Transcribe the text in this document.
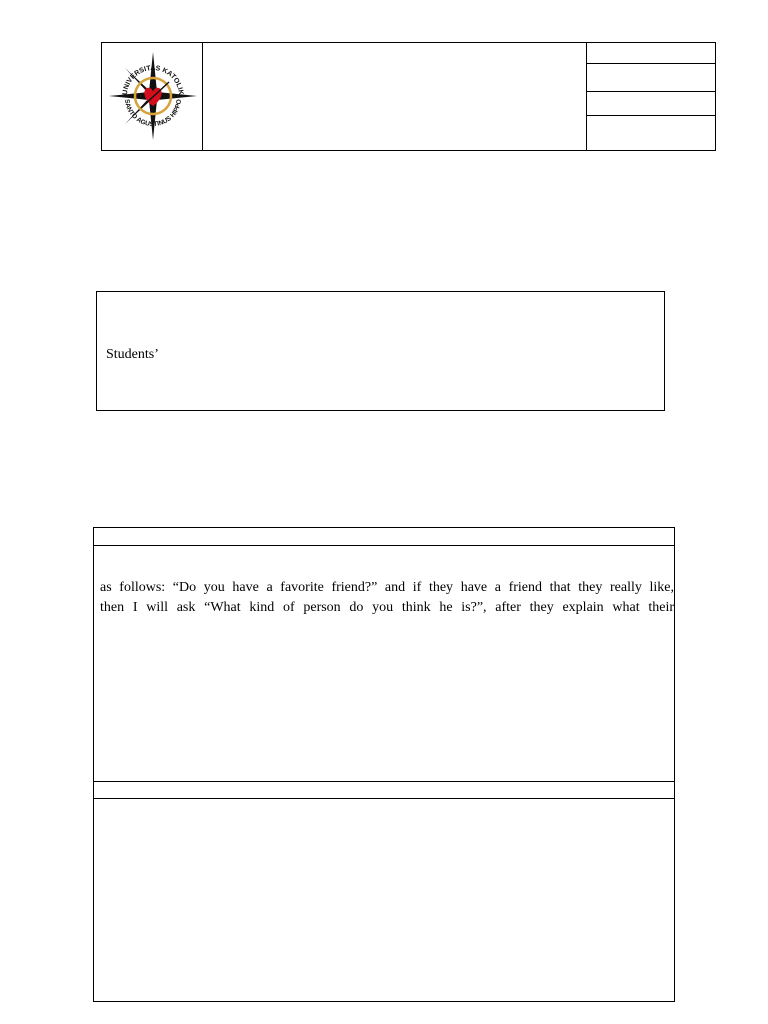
UNIVERSITAS KATOLIK
SANTO AGUSTINUS HIPPO
Students’
as follows: “Do you have a favorite friend?” and if they have a friend that they really like,
then I will ask “What kind of person do you think he is?”, after they explain what their
